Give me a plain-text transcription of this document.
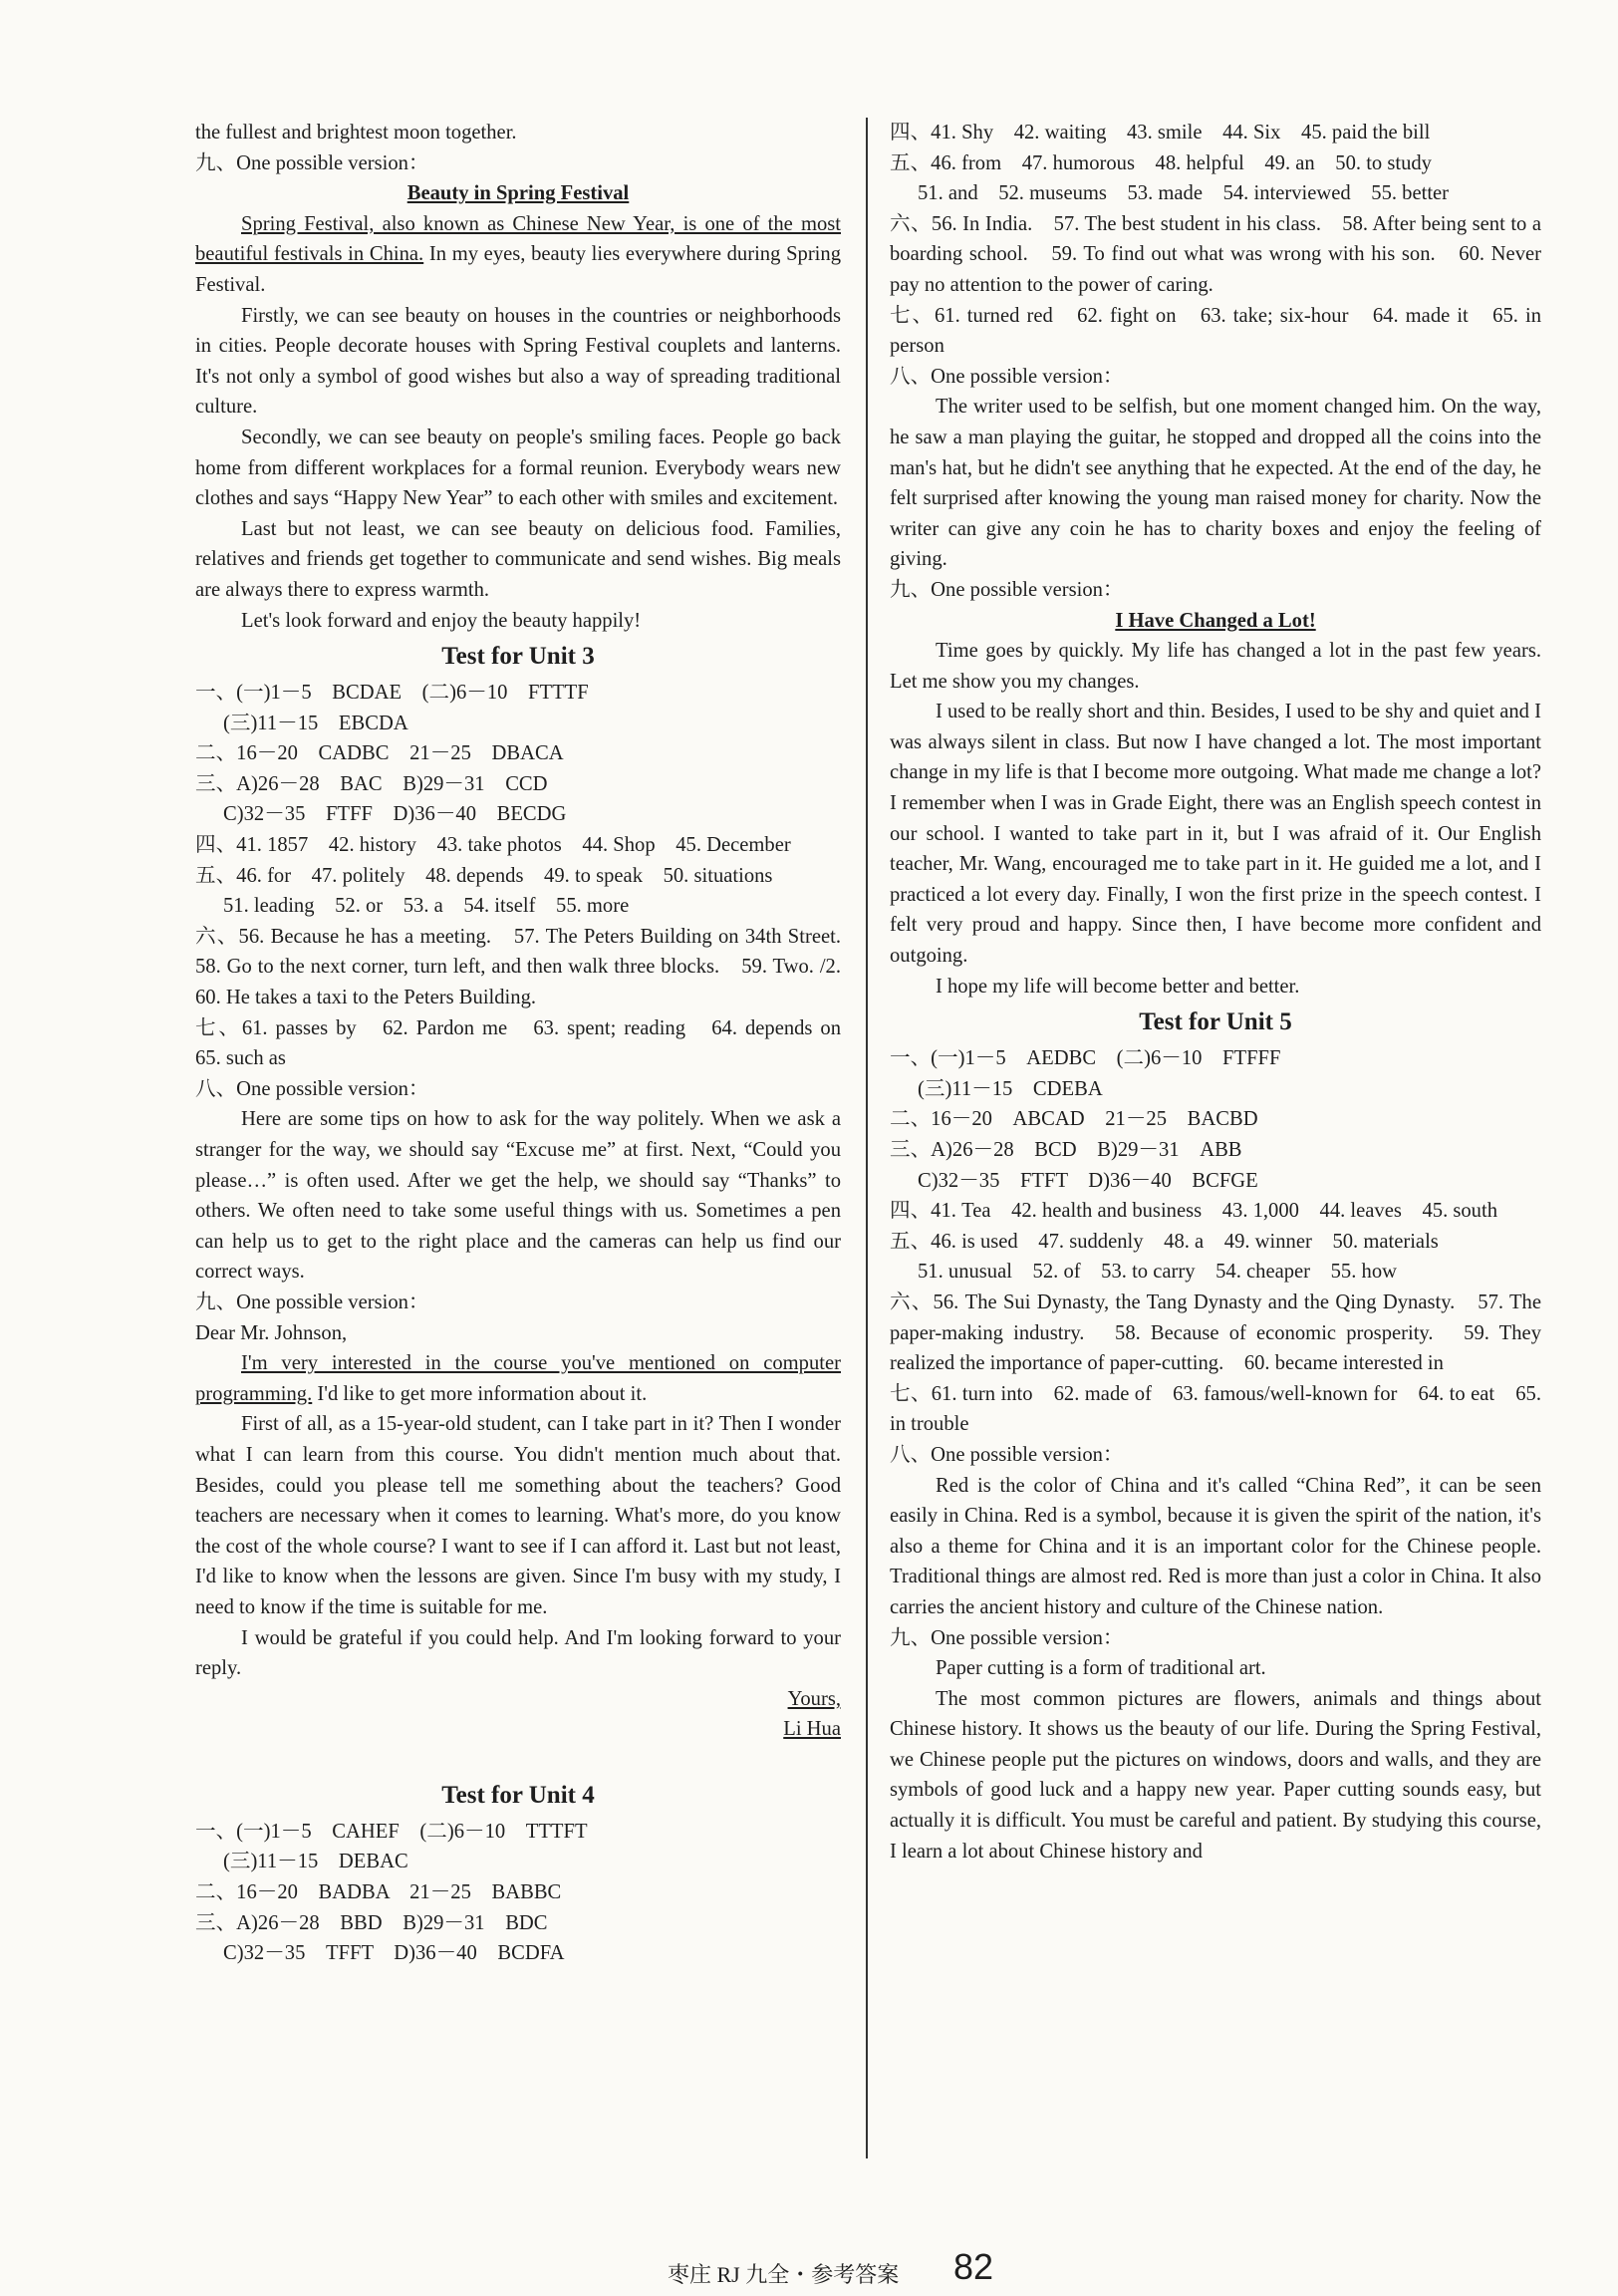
the fullest and brightest moon together.

九、One possible version：

Beauty in Spring Festival

Spring Festival, also known as Chinese New Year, is one of the most beautiful festivals in China. In my eyes, beauty lies everywhere during Spring Festival.

Firstly, we can see beauty on houses in the countries or neighborhoods in cities. People decorate houses with Spring Festival couplets and lanterns. It's not only a symbol of good wishes but also a way of spreading traditional culture.

Secondly, we can see beauty on people's smiling faces. People go back home from different workplaces for a formal reunion. Everybody wears new clothes and says “Happy New Year” to each other with smiles and excitement.

Last but not least, we can see beauty on delicious food. Families, relatives and friends get together to communicate and send wishes. Big meals are always there to express warmth.

Let's look forward and enjoy the beauty happily!

Test for Unit 3

一、(一)1－5　BCDAE　(二)6－10　FTTTF

(三)11－15　EBCDA

二、16－20　CADBC　21－25　DBACA

三、A)26－28　BAC　B)29－31　CCD

C)32－35　FTFF　D)36－40　BECDG

四、41. 1857　42. history　43. take photos　44. Shop　45. December

五、46. for　47. politely　48. depends　49. to speak　50. situations

51. leading　52. or　53. a　54. itself　55. more

六、56. Because he has a meeting.　57. The Peters Building on 34th Street. 58. Go to the next corner, turn left, and then walk three blocks.　59. Two. /2.　60. He takes a taxi to the Peters Building.

七、61. passes by　62. Pardon me　63. spent; reading　64. depends on　65. such as

八、One possible version：

Here are some tips on how to ask for the way politely. When we ask a stranger for the way, we should say “Excuse me” at first. Next, “Could you please…” is often used. After we get the help, we should say “Thanks” to others. We often need to take some useful things with us. Sometimes a pen can help us to get to the right place and the cameras can help us find our correct ways.

九、One possible version：

Dear Mr. Johnson,

I'm very interested in the course you've mentioned on computer programming. I'd like to get more information about it.

First of all, as a 15-year-old student, can I take part in it? Then I wonder what I can learn from this course. You didn't mention much about that. Besides, could you please tell me something about the teachers? Good teachers are necessary when it comes to learning. What's more, do you know the cost of the whole course? I want to see if I can afford it. Last but not least, I'd like to know when the lessons are given. Since I'm busy with my study, I need to know if the time is suitable for me.

I would be grateful if you could help. And I'm looking forward to your reply.

Yours,

Li Hua

Test for Unit 4

一、(一)1－5　CAHEF　(二)6－10　TTTFT

(三)11－15　DEBAC

二、16－20　BADBA　21－25　BABBC

三、A)26－28　BBD　B)29－31　BDC

C)32－35　TFFT　D)36－40　BCDFA

四、41. Shy　42. waiting　43. smile　44. Six　45. paid the bill

五、46. from　47. humorous　48. helpful　49. an　50. to study

51. and　52. museums　53. made　54. interviewed　55. better

六、56. In India.　57. The best student in his class.　58. After being sent to a boarding school.　59. To find out what was wrong with his son.　60. Never pay no attention to the power of caring.

七、61. turned red　62. fight on　63. take; six-hour　64. made it　65. in person

八、One possible version：

The writer used to be selfish, but one moment changed him. On the way, he saw a man playing the guitar, he stopped and dropped all the coins into the man's hat, but he didn't see anything that he expected. At the end of the day, he felt surprised after knowing the young man raised money for charity. Now the writer can give any coin he has to charity boxes and enjoy the feeling of giving.

九、One possible version：

I Have Changed a Lot!

Time goes by quickly. My life has changed a lot in the past few years. Let me show you my changes.

I used to be really short and thin. Besides, I used to be shy and quiet and I was always silent in class. But now I have changed a lot. The most important change in my life is that I become more outgoing. What made me change a lot? I remember when I was in Grade Eight, there was an English speech contest in our school. I wanted to take part in it, but I was afraid of it. Our English teacher, Mr. Wang, encouraged me to take part in it. He guided me a lot, and I practiced a lot every day. Finally, I won the first prize in the speech contest. I felt very proud and happy. Since then, I have become more confident and outgoing.

I hope my life will become better and better.

Test for Unit 5

一、(一)1－5　AEDBC　(二)6－10　FTFFF

(三)11－15　CDEBA

二、16－20　ABCAD　21－25　BACBD

三、A)26－28　BCD　B)29－31　ABB

C)32－35　FTFT　D)36－40　BCFGE

四、41. Tea　42. health and business　43. 1,000　44. leaves　45. south

五、46. is used　47. suddenly　48. a　49. winner　50. materials

51. unusual　52. of　53. to carry　54. cheaper　55. how

六、56. The Sui Dynasty, the Tang Dynasty and the Qing Dynasty.　57. The paper-making industry.　58. Because of economic prosperity.　59. They realized the importance of paper-cutting.　60. became interested in

七、61. turn into　62. made of　63. famous/well-known for　64. to eat　65. in trouble

八、One possible version：

Red is the color of China and it's called “China Red”, it can be seen easily in China. Red is a symbol, because it is given the spirit of the nation, it's also a theme for China and it is an important color for the Chinese people. Traditional things are almost red. Red is more than just a color in China. It also carries the ancient history and culture of the Chinese nation.

九、One possible version：

Paper cutting is a form of traditional art.

The most common pictures are flowers, animals and things about Chinese history. It shows us the beauty of our life. During the Spring Festival, we Chinese people put the pictures on windows, doors and walls, and they are symbols of good luck and a happy new year. Paper cutting sounds easy, but actually it is difficult. You must be careful and patient. By studying this course, I learn a lot about Chinese history and

枣庄 RJ 九全・参考答案 82
